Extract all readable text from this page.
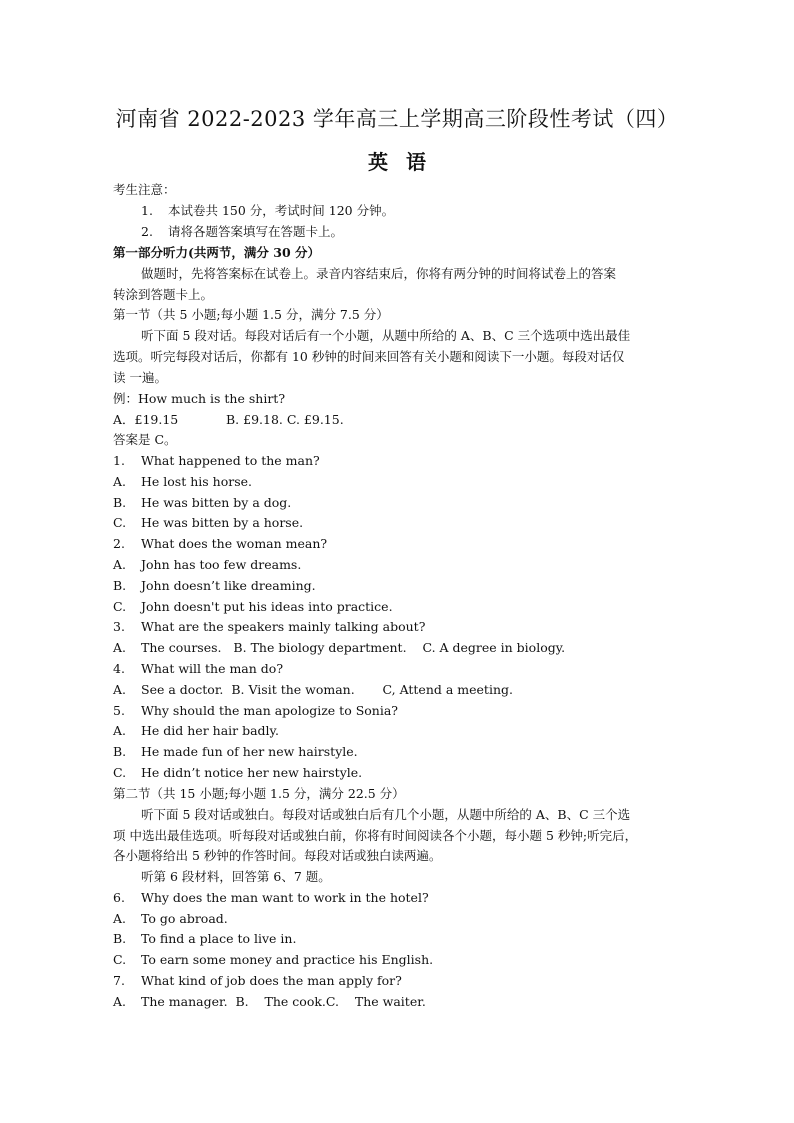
河南省 2022-2023 学年高三上学期高三阶段性考试（四）
英语
考生注意：
1. 本试卷共 150 分，考试时间 120 分钟。
2. 请将各题答案填写在答题卡上。
第一部分听力(共两节，满分 30 分）
做题时，先将答案标在试卷上。录音内容结束后，你将有两分钟的时间将试卷上的答案
转涂到答题卡上。
第一节（共 5 小题;每小题 1.5 分，满分 7.5 分）
听下面 5 段对话。每段对话后有一个小题，从题中所给的 A、B、C 三个选项中选出最佳
选项。听完每段对话后，你都有 10 秒钟的时间来回答有关小题和阅读下一小题。每段对话仅
读 一遍。
例：How much is the shirt?
A．£19.15	B. £9.18. C. £9.15.
答案是 C。
1. What happened to the man?
A. He lost his horse.
B. He was bitten by a dog.
C. He was bitten by a horse.
2. What does the woman mean?
A. John has too few dreams.
B. John doesn’t like dreaming.
C. John doesn't put his ideas into practice.
3. What are the speakers mainly talking about?
A. The courses.   B. The biology department.    C. A degree in biology.
4. What will the man do?
A. See a doctor.  B. Visit the woman.       C, Attend a meeting.
5. Why should the man apologize to Sonia?
A. He did her hair badly.
B. He made fun of her new hairstyle.
C. He didn’t notice her new hairstyle.
第二节（共 15 小题;每小题 1.5 分，满分 22.5 分）
听下面 5 段对话或独白。每段对话或独白后有几个小题，从题中所给的 A、B、C 三个选
项 中选出最佳选项。听每段对话或独白前，你将有时间阅读各个小题，每小题 5 秒钟;听完后，
各小题将给出 5 秒钟的作答时间。每段对话或独白读两遍。
听第 6 段材料，回答第 6、7 题。
6. Why does the man want to work in the hotel?
A. To go abroad.
B. To find a place to live in.
C. To earn some money and practice his English.
7. What kind of job does the man apply for?
A. The manager.  B.    The cook.C.    The waiter.
